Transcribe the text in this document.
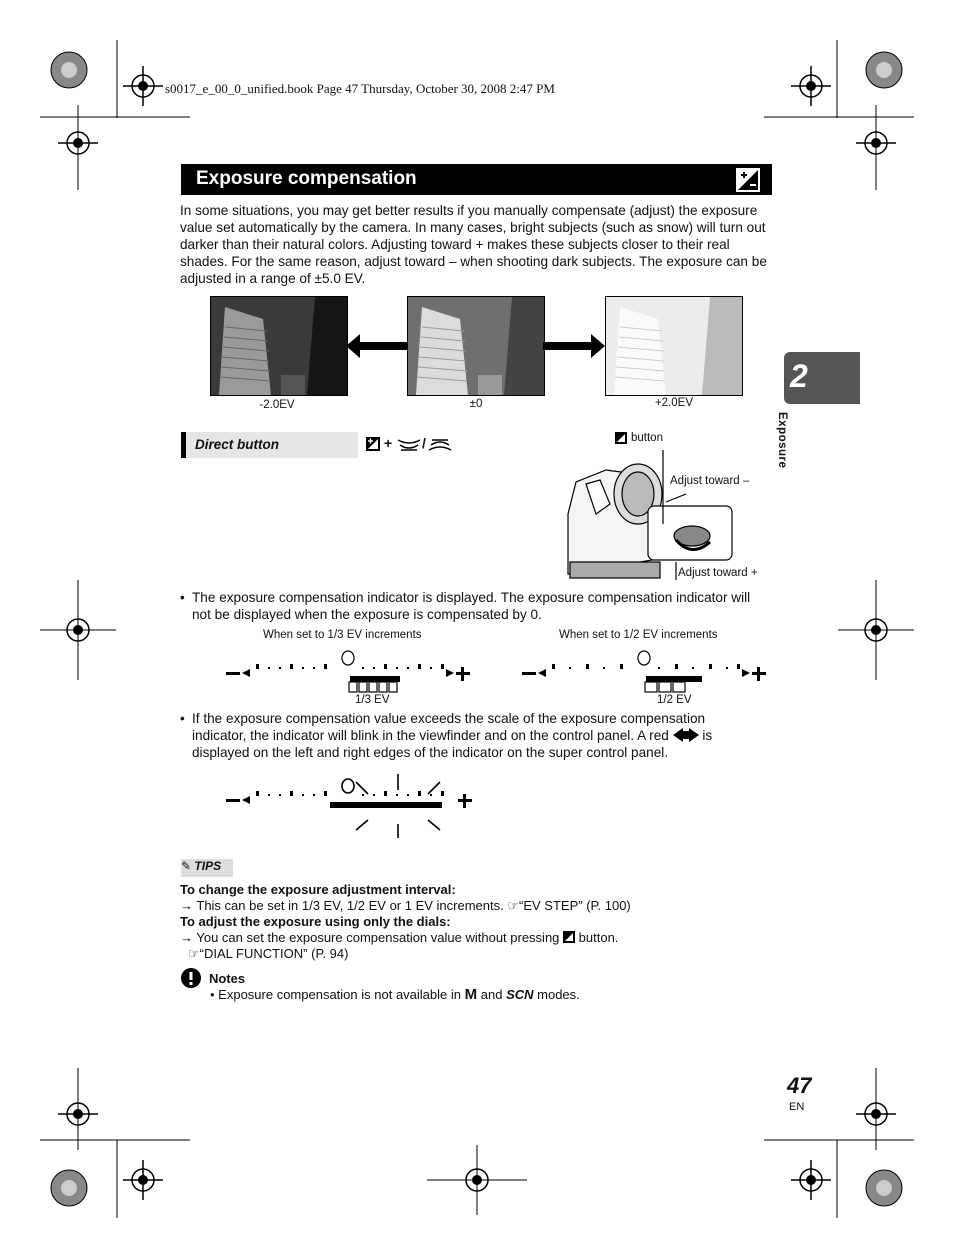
s0017_e_00_0_unified.book Page 47 Thursday, October 30, 2008 2:47 PM
Exposure compensation
In some situations, you may get better results if you manually compensate (adjust) the exposure value set automatically by the camera. In many cases, bright subjects (such as snow) will turn out darker than their natural colors. Adjusting toward + makes these subjects closer to their real shades. For the same reason, adjust toward – when shooting dark subjects. The exposure can be adjusted in a range of ±5.0 EV.
-2.0EV	±0	+2.0EV
Direct button	+ /	button
Adjust toward –
Adjust toward +
2
Exposure
• The exposure compensation indicator is displayed. The exposure compensation indicator will not be displayed when the exposure is compensated by 0.
When set to 1/3 EV increments	When set to 1/2 EV increments
1/3 EV	1/2 EV
• If the exposure compensation value exceeds the scale of the exposure compensation indicator, the indicator will blink in the viewfinder and on the control panel. A red is displayed on the left and right edges of the indicator on the super control panel.
✎ TIPS
To change the exposure adjustment interval:
→ This can be set in 1/3 EV, 1/2 EV or 1 EV increments. ☞“EV STEP” (P. 100)
To adjust the exposure using only the dials:
→ You can set the exposure compensation value without pressing button.
☞“DIAL FUNCTION” (P. 94)
Notes
• Exposure compensation is not available in M and SCN modes.
47
EN
